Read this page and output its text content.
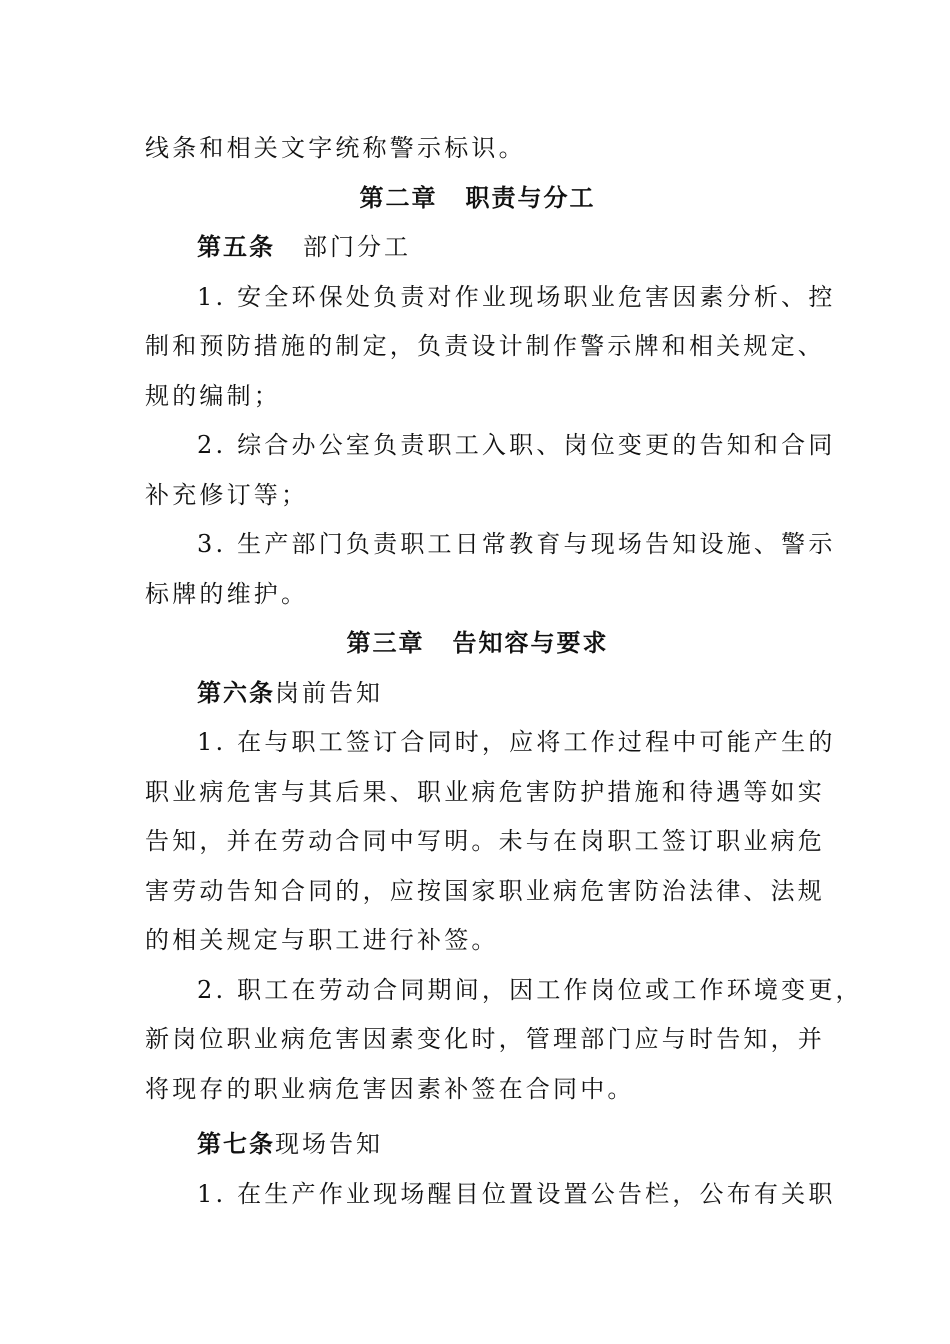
线条和相关文字统称警示标识。
第二章 职责与分工
第五条 部门分工
1. 安全环保处负责对作业现场职业危害因素分析、控
制和预防措施的制定，负责设计制作警示牌和相关规定、
规的编制；
2. 综合办公室负责职工入职、岗位变更的告知和合同
补充修订等；
3. 生产部门负责职工日常教育与现场告知设施、警示
标牌的维护。
第三章 告知容与要求
第六条岗前告知
1. 在与职工签订合同时，应将工作过程中可能产生的
职业病危害与其后果、职业病危害防护措施和待遇等如实
告知，并在劳动合同中写明。未与在岗职工签订职业病危
害劳动告知合同的，应按国家职业病危害防治法律、法规
的相关规定与职工进行补签。
2. 职工在劳动合同期间，因工作岗位或工作环境变更，
新岗位职业病危害因素变化时，管理部门应与时告知，并
将现存的职业病危害因素补签在合同中。
第七条现场告知
1. 在生产作业现场醒目位置设置公告栏，公布有关职
